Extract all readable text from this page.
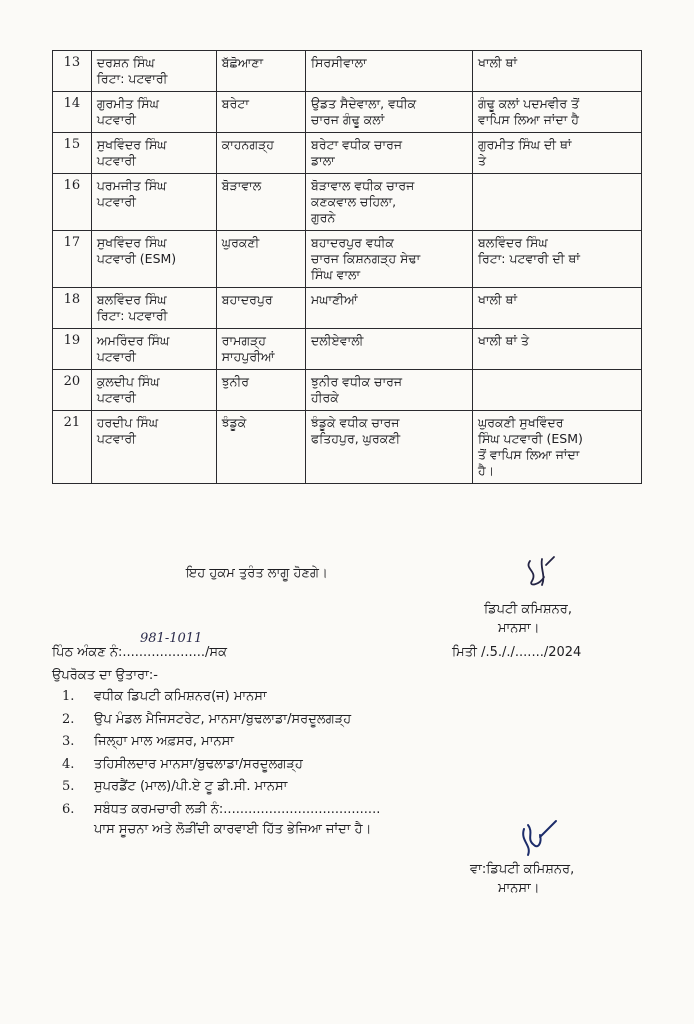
13	ਦਰਸ਼ਨ ਸਿੰਘ
ਰਿਟਾ: ਪਟਵਾਰੀ	ਬੱਛੋਆਣਾ	ਸਿਰਸੀਵਾਲਾ	ਖਾਲੀ ਥਾਂ

14	ਗੁਰਮੀਤ ਸਿੰਘ
ਪਟਵਾਰੀ	ਬਰੇਟਾ	ਉਡਤ ਸੈਦੇਵਾਲਾ, ਵਧੀਕ
ਚਾਰਜ ਗੰਢੂ ਕਲਾਂ	ਗੰਢੂ ਕਲਾਂ ਪਦਮਵੀਰ ਤੋਂ
ਵਾਪਿਸ ਲਿਆ ਜਾਂਦਾ ਹੈ

15	ਸੁਖਵਿੰਦਰ ਸਿੰਘ
ਪਟਵਾਰੀ	ਕਾਹਨਗੜ੍ਹ	ਬਰੇਟਾ ਵਧੀਕ ਚਾਰਜ
ਡਾਲਾ	ਗੁਰਮੀਤ ਸਿੰਘ ਦੀ ਥਾਂ
ਤੇ

16	ਪਰਮਜੀਤ ਸਿੰਘ
ਪਟਵਾਰੀ	ਬੋੜਾਵਾਲ	ਬੋੜਾਵਾਲ ਵਧੀਕ ਚਾਰਜ
ਕਣਕਵਾਲ ਚਹਿਲਾ,
ਗੁਰਨੇ	

17	ਸੁਖਵਿੰਦਰ ਸਿੰਘ
ਪਟਵਾਰੀ (ESM)	ਘੁਰਕਣੀ	ਬਹਾਦਰਪੁਰ ਵਧੀਕ
ਚਾਰਜ ਕਿਸ਼ਨਗੜ੍ਹ ਸੇਢਾ
ਸਿੰਘ ਵਾਲਾ	ਬਲਵਿੰਦਰ ਸਿੰਘ
ਰਿਟਾ: ਪਟਵਾਰੀ ਦੀ ਥਾਂ

18	ਬਲਵਿੰਦਰ ਸਿੰਘ
ਰਿਟਾ: ਪਟਵਾਰੀ	ਬਹਾਦਰਪੁਰ	ਮਘਾਣੀਆਂ	ਖਾਲੀ ਥਾਂ

19	ਅਮਰਿੰਦਰ ਸਿੰਘ
ਪਟਵਾਰੀ	ਰਾਮਗੜ੍ਹ
ਸਾਹਪੁਰੀਆਂ	ਦਲੀਏਵਾਲੀ	ਖਾਲੀ ਥਾਂ ਤੇ

20	ਕੁਲਦੀਪ ਸਿੰਘ
ਪਟਵਾਰੀ	ਝੁਨੀਰ	ਝੁਨੀਰ ਵਧੀਕ ਚਾਰਜ
ਹੀਰਕੇ	

21	ਹਰਦੀਪ ਸਿੰਘ
ਪਟਵਾਰੀ	ਝੰਡੂਕੇ	ਝੰਡੂਕੇ ਵਧੀਕ ਚਾਰਜ
ਫਤਿਹਪੁਰ, ਘੁਰਕਣੀ	ਘੁਰਕਣੀ ਸੁਖਵਿੰਦਰ
ਸਿੰਘ ਪਟਵਾਰੀ (ESM)
ਤੋਂ ਵਾਪਿਸ ਲਿਆ ਜਾਂਦਾ
ਹੈ।
ਇਹ ਹੁਕਮ ਤੁਰੰਤ ਲਾਗੂ ਹੋਣਗੇ।
ਡਿਪਟੀ ਕਮਿਸ਼ਨਰ,
ਮਾਨਸਾ।
ਪਿੰਠ ਅੰਕਣ ਨੰ:..................../ਸਕ
981-1011
ਮਿਤੀ /.5././......./2024
ਉਪਰੋਕਤ ਦਾ ਉਤਾਰਾ:-
1.	ਵਧੀਕ ਡਿਪਟੀ ਕਮਿਸ਼ਨਰ(ਜ) ਮਾਨਸਾ
2.	ਉਪ ਮੰਡਲ ਮੈਜਿਸਟਰੇਟ, ਮਾਨਸਾ/ਬੁਢਲਾਡਾ/ਸਰਦੂਲਗੜ੍ਹ
3.	ਜਿਲ੍ਹਾ ਮਾਲ ਅਫ਼ਸਰ, ਮਾਨਸਾ
4.	ਤਹਿਸੀਲਦਾਰ ਮਾਨਸਾ/ਬੁਢਲਾਡਾ/ਸਰਦੂਲਗੜ੍ਹ
5.	ਸੁਪਰਡੈਂਟ (ਮਾਲ)/ਪੀ.ਏ ਟੂ ਡੀ.ਸੀ. ਮਾਨਸਾ
6.	ਸਬੰਧਤ ਕਰਮਚਾਰੀ ਲੜੀ ਨੰ:......................................
ਪਾਸ ਸੂਚਨਾ ਅਤੇ ਲੋੜੀਂਦੀ ਕਾਰਵਾਈ ਹਿੱਤ ਭੇਜਿਆ ਜਾਂਦਾ ਹੈ।
ਵਾ:ਡਿਪਟੀ ਕਮਿਸ਼ਨਰ,
ਮਾਨਸਾ।
